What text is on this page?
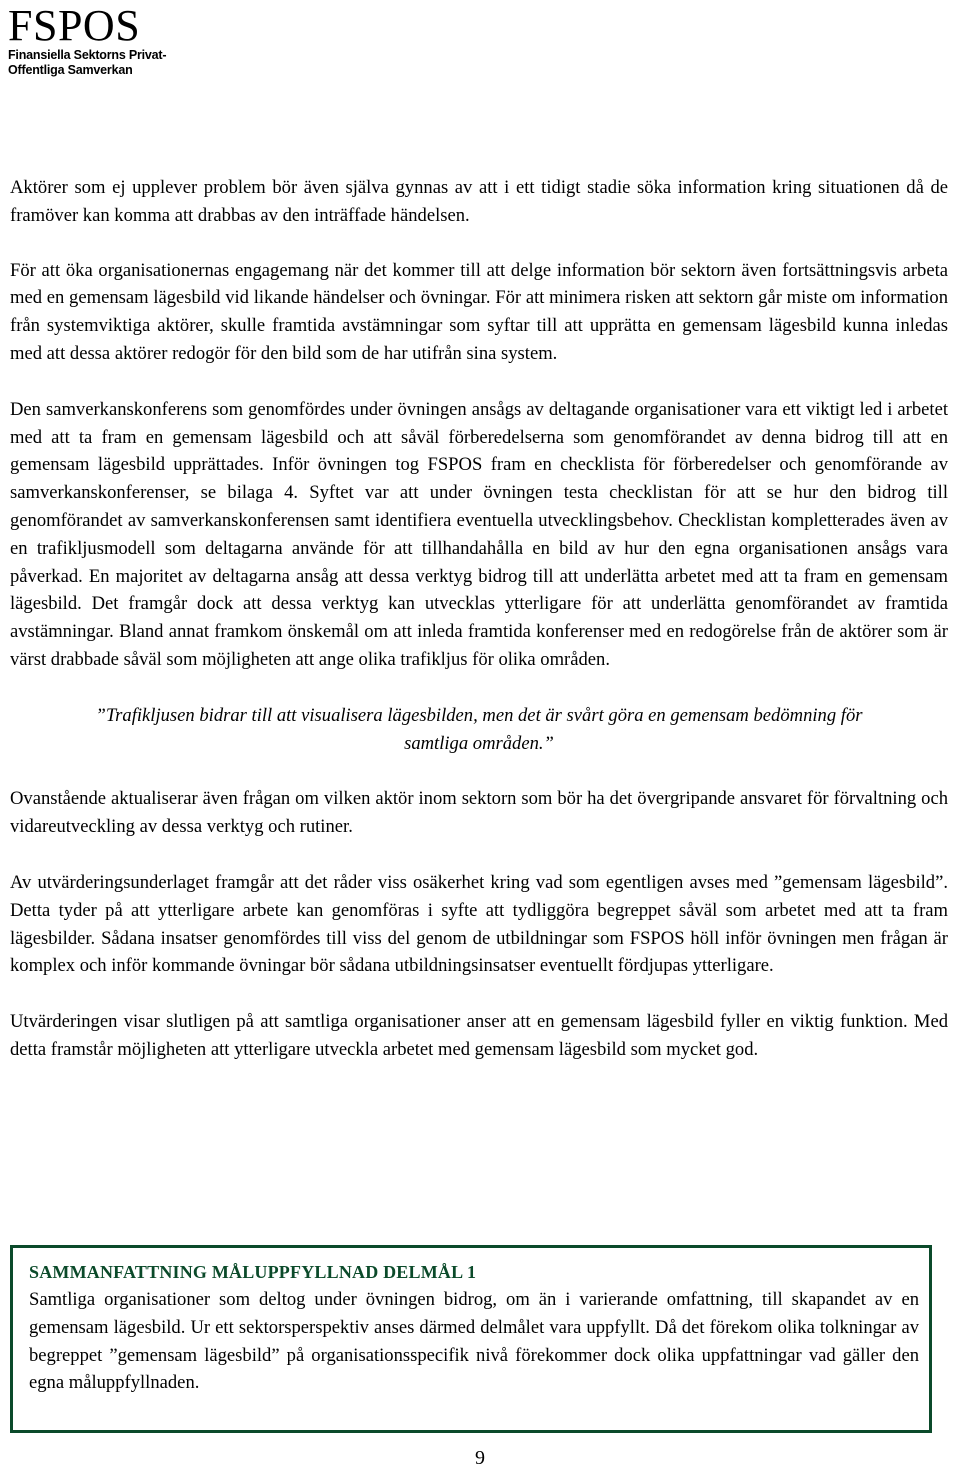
FSPOS
Finansiella Sektorns Privat-
Offentliga Samverkan

Aktörer som ej upplever problem bör även själva gynnas av att i ett tidigt stadie söka information kring situationen då de framöver kan komma att drabbas av den inträffade händelsen.

För att öka organisationernas engagemang när det kommer till att delge information bör sektorn även fortsättningsvis arbeta med en gemensam lägesbild vid likande händelser och övningar. För att minimera risken att sektorn går miste om information från systemviktiga aktörer, skulle framtida avstämningar som syftar till att upprätta en gemensam lägesbild kunna inledas med att dessa aktörer redogör för den bild som de har utifrån sina system.

Den samverkanskonferens som genomfördes under övningen ansågs av deltagande organisationer vara ett viktigt led i arbetet med att ta fram en gemensam lägesbild och att såväl förberedelserna som genomförandet av denna bidrog till att en gemensam lägesbild upprättades. Inför övningen tog FSPOS fram en checklista för förberedelser och genomförande av samverkanskonferenser, se bilaga 4. Syftet var att under övningen testa checklistan för att se hur den bidrog till genomförandet av samverkanskonferensen samt identifiera eventuella utvecklingsbehov. Checklistan kompletterades även av en trafikljusmodell som deltagarna använde för att tillhandahålla en bild av hur den egna organisationen ansågs vara påverkad. En majoritet av deltagarna ansåg att dessa verktyg bidrog till att underlätta arbetet med att ta fram en gemensam lägesbild. Det framgår dock att dessa verktyg kan utvecklas ytterligare för att underlätta genomförandet av framtida avstämningar. Bland annat framkom önskemål om att inleda framtida konferenser med en redogörelse från de aktörer som är värst drabbade såväl som möjligheten att ange olika trafikljus för olika områden.

”Trafikljusen bidrar till att visualisera lägesbilden, men det är svårt göra en gemensam bedömning för samtliga områden.”

Ovanstående aktualiserar även frågan om vilken aktör inom sektorn som bör ha det övergripande ansvaret för förvaltning och vidareutveckling av dessa verktyg och rutiner.

Av utvärderingsunderlaget framgår att det råder viss osäkerhet kring vad som egentligen avses med ”gemensam lägesbild”. Detta tyder på att ytterligare arbete kan genomföras i syfte att tydliggöra begreppet såväl som arbetet med att ta fram lägesbilder. Sådana insatser genomfördes till viss del genom de utbildningar som FSPOS höll inför övningen men frågan är komplex och inför kommande övningar bör sådana utbildningsinsatser eventuellt fördjupas ytterligare.

Utvärderingen visar slutligen på att samtliga organisationer anser att en gemensam lägesbild fyller en viktig funktion. Med detta framstår möjligheten att ytterligare utveckla arbetet med gemensam lägesbild som mycket god.

SAMMANFATTNING MÅLUPPFYLLNAD DELMÅL 1

Samtliga organisationer som deltog under övningen bidrog, om än i varierande omfattning, till skapandet av en gemensam lägesbild. Ur ett sektorsperspektiv anses därmed delmålet vara uppfyllt. Då det förekom olika tolkningar av begreppet ”gemensam lägesbild” på organisationsspecifik nivå förekommer dock olika uppfattningar vad gäller den egna måluppfyllnaden.

9
